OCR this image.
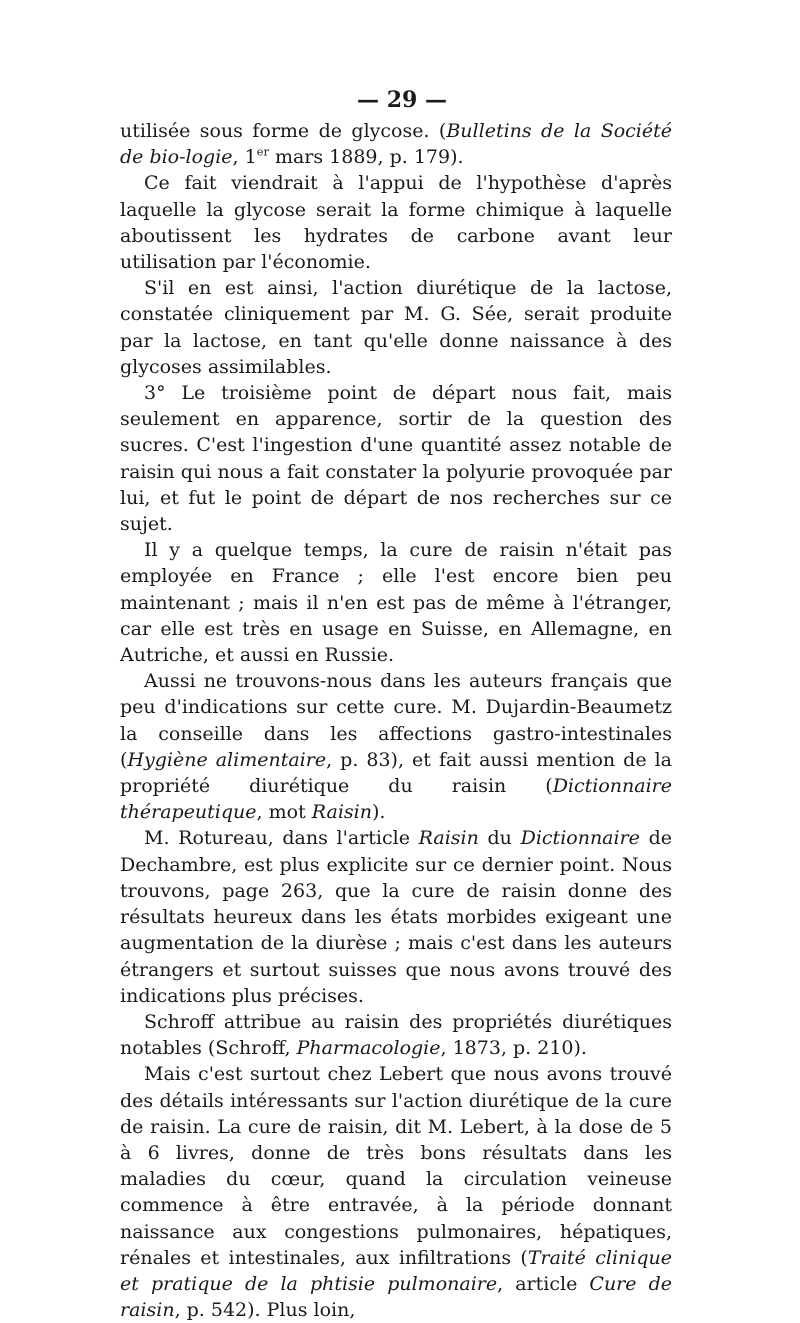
— 29 —

utilisée sous forme de glycose. (Bulletins de la Société de bio-logie, 1er mars 1889, p. 179).

Ce fait viendrait à l'appui de l'hypothèse d'après laquelle la glycose serait la forme chimique à laquelle aboutissent les hydrates de carbone avant leur utilisation par l'économie.

S'il en est ainsi, l'action diurétique de la lactose, constatée cliniquement par M. G. Sée, serait produite par la lactose, en tant qu'elle donne naissance à des glycoses assimilables.

3° Le troisième point de départ nous fait, mais seulement en apparence, sortir de la question des sucres. C'est l'ingestion d'une quantité assez notable de raisin qui nous a fait constater la polyurie provoquée par lui, et fut le point de départ de nos recherches sur ce sujet.

Il y a quelque temps, la cure de raisin n'était pas employée en France ; elle l'est encore bien peu maintenant ; mais il n'en est pas de même à l'étranger, car elle est très en usage en Suisse, en Allemagne, en Autriche, et aussi en Russie.

Aussi ne trouvons-nous dans les auteurs français que peu d'indications sur cette cure. M. Dujardin-Beaumetz la conseille dans les affections gastro-intestinales (Hygiène alimentaire, p. 83), et fait aussi mention de la propriété diurétique du raisin (Dictionnaire thérapeutique, mot Raisin).

M. Rotureau, dans l'article Raisin du Dictionnaire de Dechambre, est plus explicite sur ce dernier point. Nous trouvons, page 263, que la cure de raisin donne des résultats heureux dans les états morbides exigeant une augmentation de la diurèse ; mais c'est dans les auteurs étrangers et surtout suisses que nous avons trouvé des indications plus précises.

Schroff attribue au raisin des propriétés diurétiques notables (Schroff, Pharmacologie, 1873, p. 210).

Mais c'est surtout chez Lebert que nous avons trouvé des détails intéressants sur l'action diurétique de la cure de raisin. La cure de raisin, dit M. Lebert, à la dose de 5 à 6 livres, donne de très bons résultats dans les maladies du cœur, quand la circulation veineuse commence à être entravée, à la période donnant naissance aux congestions pulmonaires, hépatiques, rénales et intestinales, aux infiltrations (Traité clinique et pratique de la phtisie pulmonaire, article Cure de raisin, p. 542). Plus loin,
